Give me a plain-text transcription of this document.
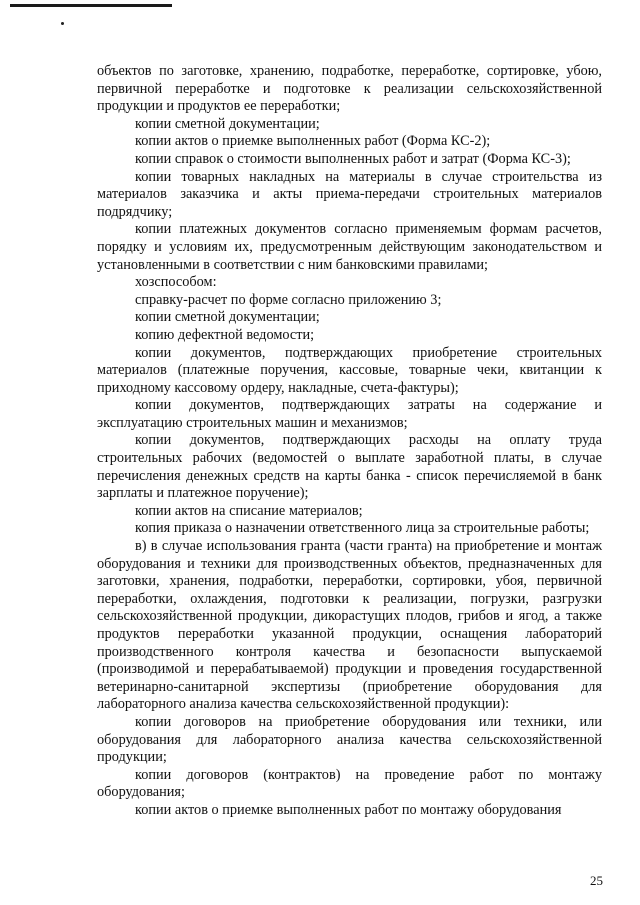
объектов по заготовке, хранению, подработке, переработке, сортировке, убою, первичной переработке и подготовке к реализации сельскохозяйственной продукции и продуктов ее переработки;

копии сметной документации;

копии актов о приемке выполненных работ (Форма КС-2);

копии справок о стоимости выполненных работ и затрат (Форма КС-3);

копии товарных накладных на материалы в случае строительства из материалов заказчика и акты приема-передачи строительных материалов подрядчику;

копии платежных документов согласно применяемым формам расчетов, порядку и условиям их, предусмотренным действующим законодательством и установленными в соответствии с ним банковскими правилами;

хозспособом:

справку-расчет по форме согласно приложению 3;

копии сметной документации;

копию дефектной ведомости;

копии документов, подтверждающих приобретение строительных материалов (платежные поручения, кассовые, товарные чеки, квитанции к приходному кассовому ордеру, накладные, счета-фактуры);

копии документов, подтверждающих затраты на содержание и эксплуатацию строительных машин и механизмов;

копии документов, подтверждающих расходы на оплату труда строительных рабочих (ведомостей о выплате заработной платы, в случае перечисления денежных средств на карты банка - список перечисляемой в банк зарплаты и платежное поручение);

копии актов на списание материалов;

копия приказа о назначении ответственного лица за строительные работы;

в) в случае использования гранта (части гранта) на приобретение и монтаж оборудования и техники для производственных объектов, предназначенных для заготовки, хранения, подработки, переработки, сортировки, убоя, первичной переработки, охлаждения, подготовки к реализации, погрузки, разгрузки сельскохозяйственной продукции, дикорастущих плодов, грибов и ягод, а также продуктов переработки указанной продукции, оснащения лабораторий производственного контроля качества и безопасности выпускаемой (производимой и перерабатываемой) продукции и проведения государственной ветеринарно-санитарной экспертизы (приобретение оборудования для лабораторного анализа качества сельскохозяйственной продукции):

копии договоров на приобретение оборудования или техники, или оборудования для лабораторного анализа качества сельскохозяйственной продукции;

копии договоров (контрактов) на проведение работ по монтажу оборудования;

копии актов о приемке выполненных работ по монтажу оборудования

25
